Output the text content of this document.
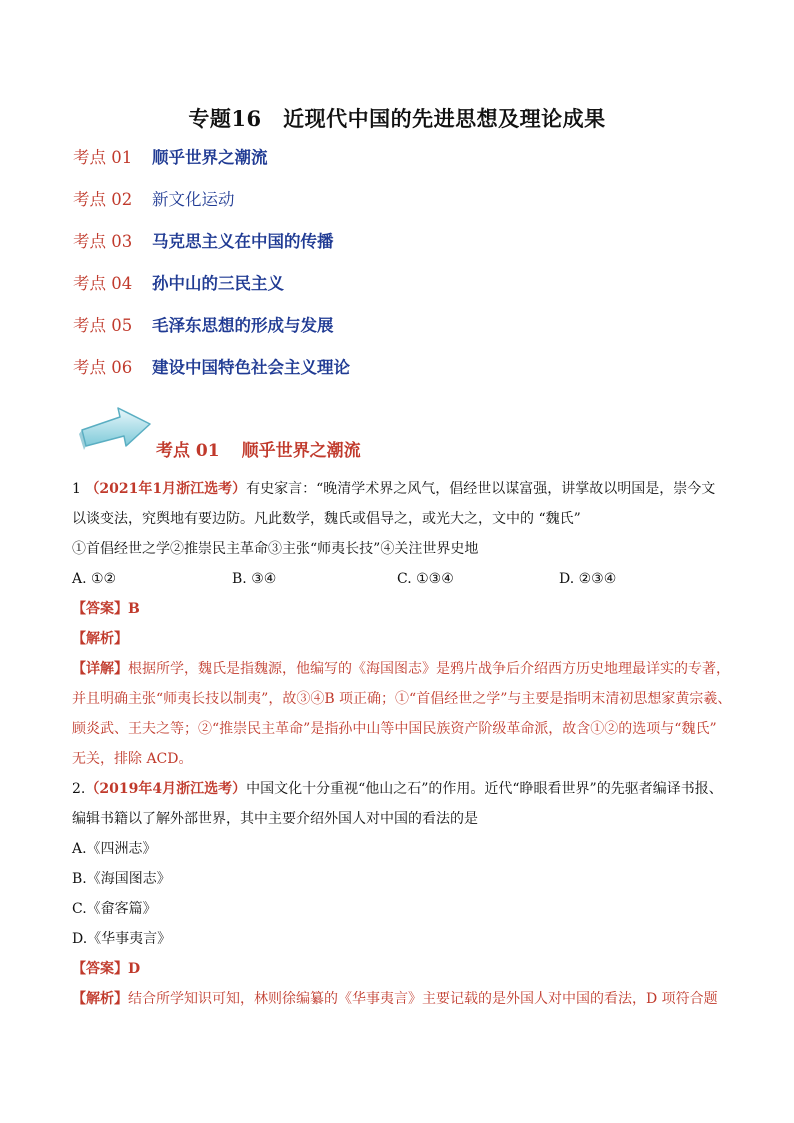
专题16　近现代中国的先进思想及理论成果
考点 01 顺乎世界之潮流
考点 02 新文化运动
考点 03 马克思主义在中国的传播
考点 04 孙中山的三民主义
考点 05 毛泽东思想的形成与发展
考点 06 建设中国特色社会主义理论
考点 01 顺乎世界之潮流
1 （2021年1月浙江选考）有史家言：“晚清学术界之风气，倡经世以谋富强，讲掌故以明国是，崇今文
以谈变法，究舆地有要边防。凡此数学，魏氏或倡导之，或光大之，文中的 “魏氏”
①首倡经世之学②推崇民主革命③主张“师夷长技”④关注世界史地
A. ①②	B. ③④	C. ①③④	D. ②③④
【答案】B
【解析】
【详解】根据所学，魏氏是指魏源，他编写的《海国图志》是鸦片战争后介绍西方历史地理最详实的专著，
并且明确主张“师夷长技以制夷”，故③④B 项正确；①“首倡经世之学”与主要是指明末清初思想家黄宗羲、
顾炎武、王夫之等；②“推崇民主革命”是指孙中山等中国民族资产阶级革命派，故含①②的选项与“魏氏”
无关，排除 ACD。
2.（2019年4月浙江选考）中国文化十分重视“他山之石”的作用。近代“睁眼看世界”的先驱者编译书报、
编辑书籍以了解外部世界，其中主要介绍外国人对中国的看法的是
A.《四洲志》
B.《海国图志》
C.《畲客篇》
D.《华事夷言》
【答案】D
【解析】结合所学知识可知，林则徐编纂的《华事夷言》主要记载的是外国人对中国的看法，D 项符合题
